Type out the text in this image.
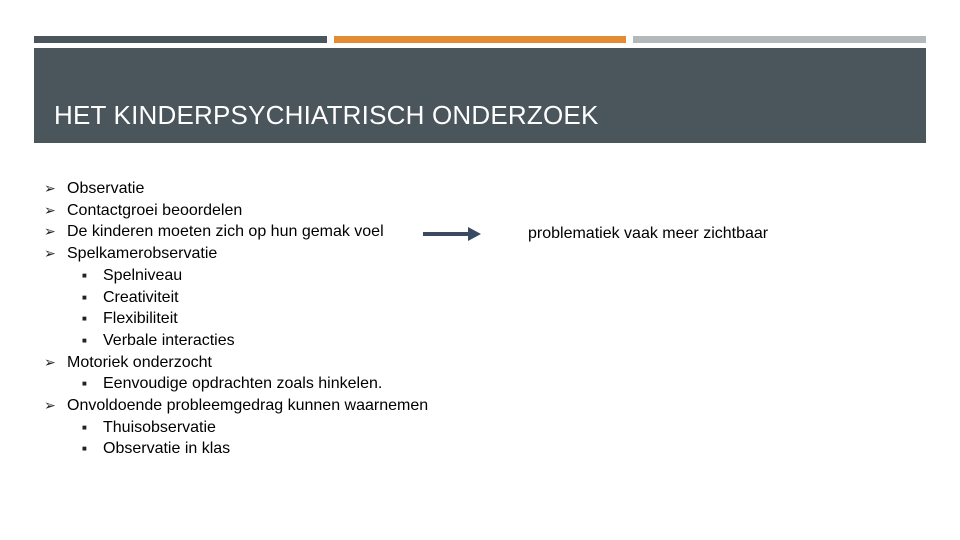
HET KINDERPSYCHIATRISCH ONDERZOEK
➢ Observatie
➢ Contactgroei beoordelen
➢ De kinderen moeten zich op hun gemak voel
➢ Spelkamerobservatie
■ Spelniveau
■ Creativiteit
■ Flexibiliteit
■ Verbale interacties
➢ Motoriek onderzocht
■ Eenvoudige opdrachten zoals hinkelen.
➢ Onvoldoende probleemgedrag kunnen waarnemen
■ Thuisobservatie
■ Observatie in klas
problematiek vaak meer zichtbaar
